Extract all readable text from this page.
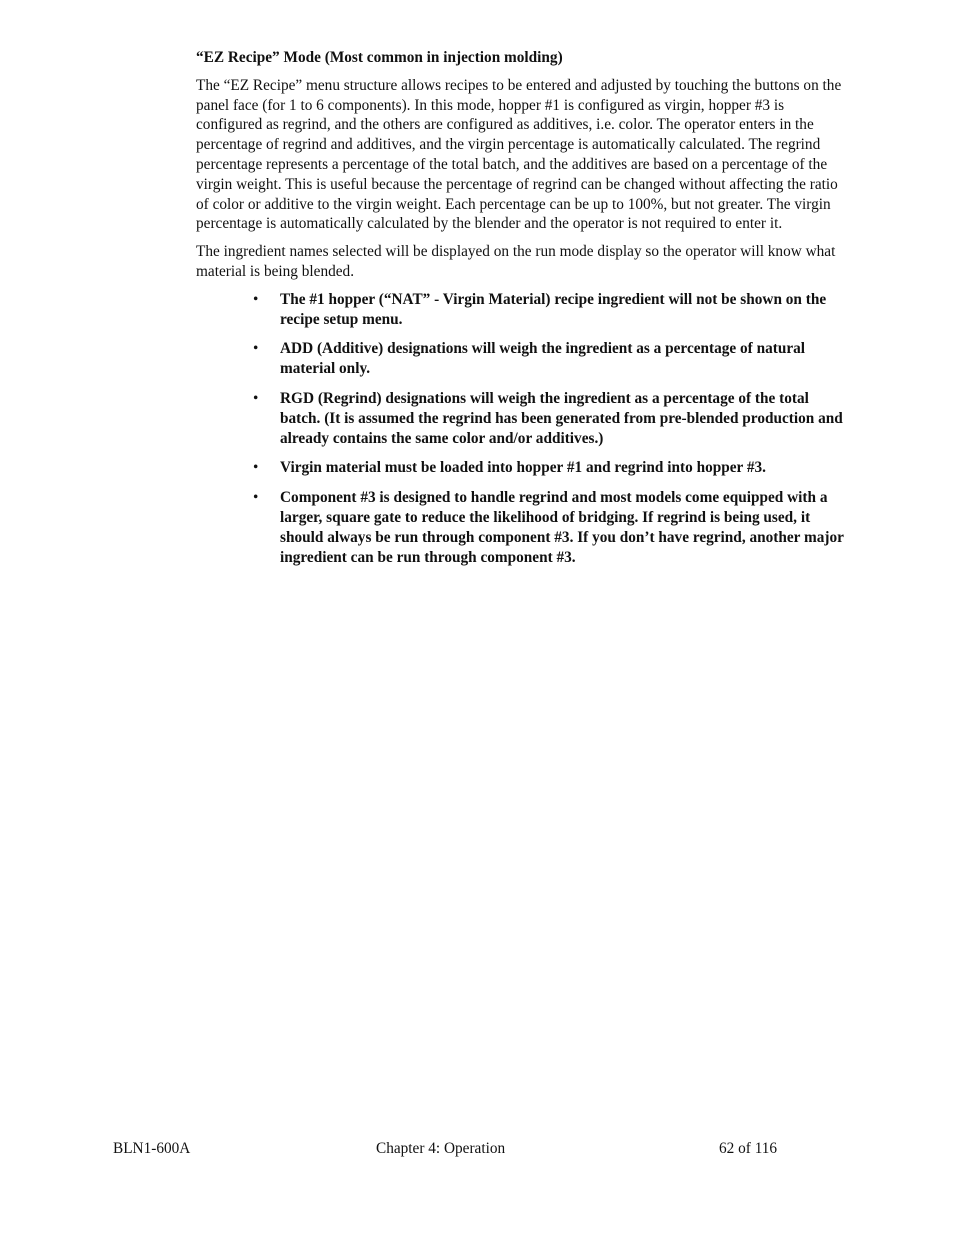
“EZ Recipe” Mode (Most common in injection molding)

The “EZ Recipe” menu structure allows recipes to be entered and adjusted by touching the buttons on the panel face (for 1 to 6 components). In this mode, hopper #1 is configured as virgin, hopper #3 is configured as regrind, and the others are configured as additives, i.e. color. The operator enters in the percentage of regrind and additives, and the virgin percentage is automatically calculated. The regrind percentage represents a percentage of the total batch, and the additives are based on a percentage of the virgin weight. This is useful because the percentage of regrind can be changed without affecting the ratio of color or additive to the virgin weight. Each percentage can be up to 100%, but not greater. The virgin percentage is automatically calculated by the blender and the operator is not required to enter it.

The ingredient names selected will be displayed on the run mode display so the operator will know what material is being blended.

• The #1 hopper (“NAT” - Virgin Material) recipe ingredient will not be shown on the recipe setup menu.
• ADD (Additive) designations will weigh the ingredient as a percentage of natural material only.
• RGD (Regrind) designations will weigh the ingredient as a percentage of the total batch. (It is assumed the regrind has been generated from pre-blended production and already contains the same color and/or additives.)
• Virgin material must be loaded into hopper #1 and regrind into hopper #3.
• Component #3 is designed to handle regrind and most models come equipped with a larger, square gate to reduce the likelihood of bridging. If regrind is being used, it should always be run through component #3. If you don’t have regrind, another major ingredient can be run through component #3.
BLN1-600A	Chapter 4: Operation	62 of 116
